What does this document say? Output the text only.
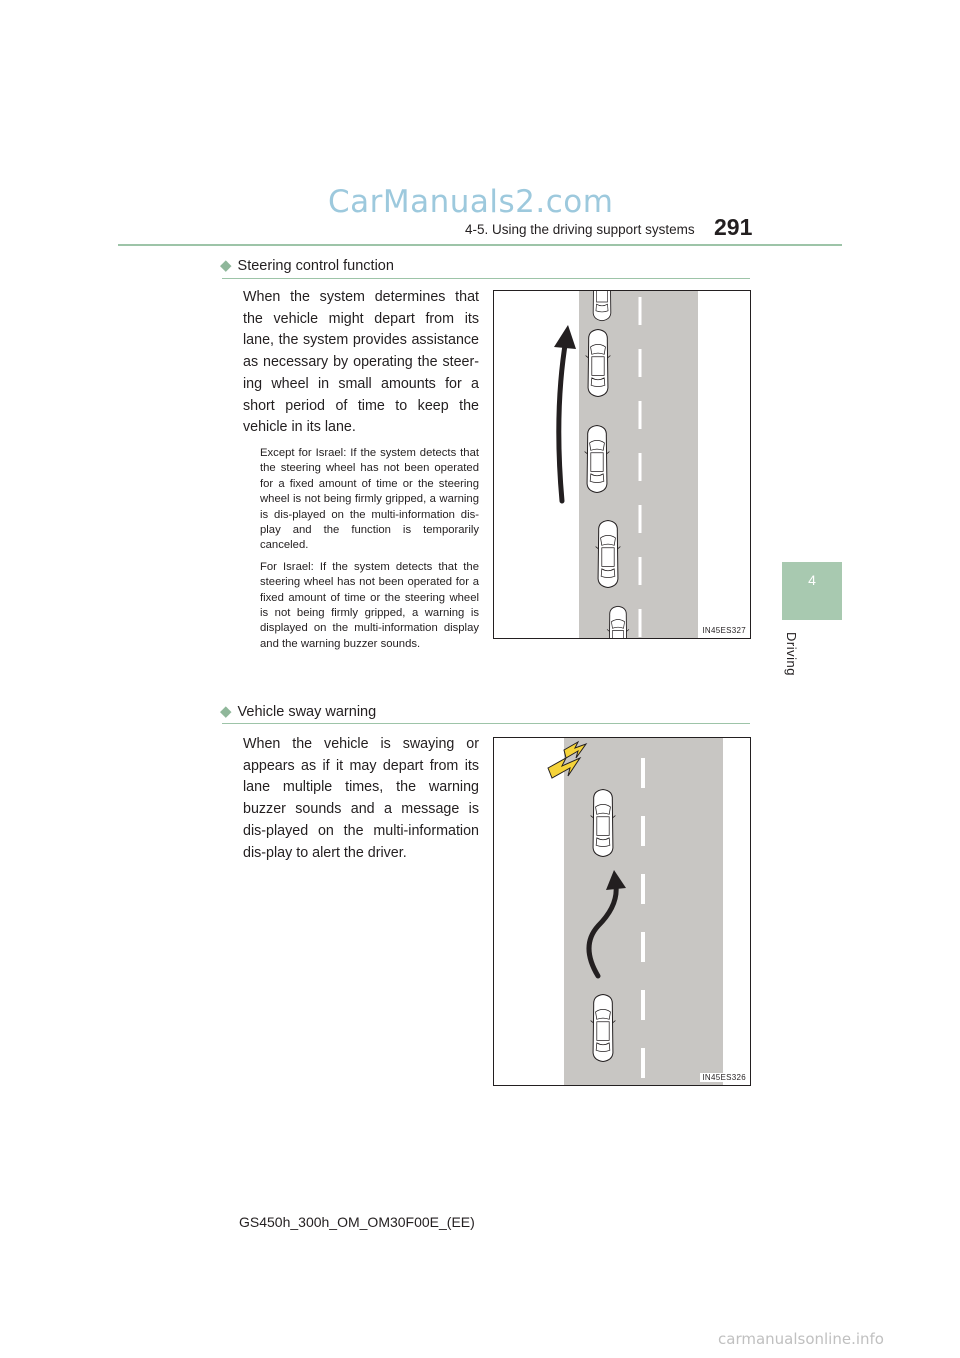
CarManuals2.com
4-5. Using the driving support systems 291
4
Driving
◆ Steering control function
When the system determines that the vehicle might depart from its lane, the system provides assistance as necessary by operating the steer-ing wheel in small amounts for a short period of time to keep the vehicle in its lane.

Except for Israel: If the system detects that the steering wheel has not been operated for a fixed amount of time or the steering wheel is not being firmly gripped, a warning is dis-played on the multi-information dis-play and the function is temporarily canceled.

For Israel: If the system detects that the steering wheel has not been operated for a fixed amount of time or the steering wheel is not being firmly gripped, a warning is displayed on the multi-information display and the warning buzzer sounds.

IN45ES327
◆ Vehicle sway warning
When the vehicle is swaying or appears as if it may depart from its lane multiple times, the warning buzzer sounds and a message is dis-played on the multi-information dis-play to alert the driver.
IN45ES326
GS450h_300h_OM_OM30F00E_(EE)
carmanualsonline.info
